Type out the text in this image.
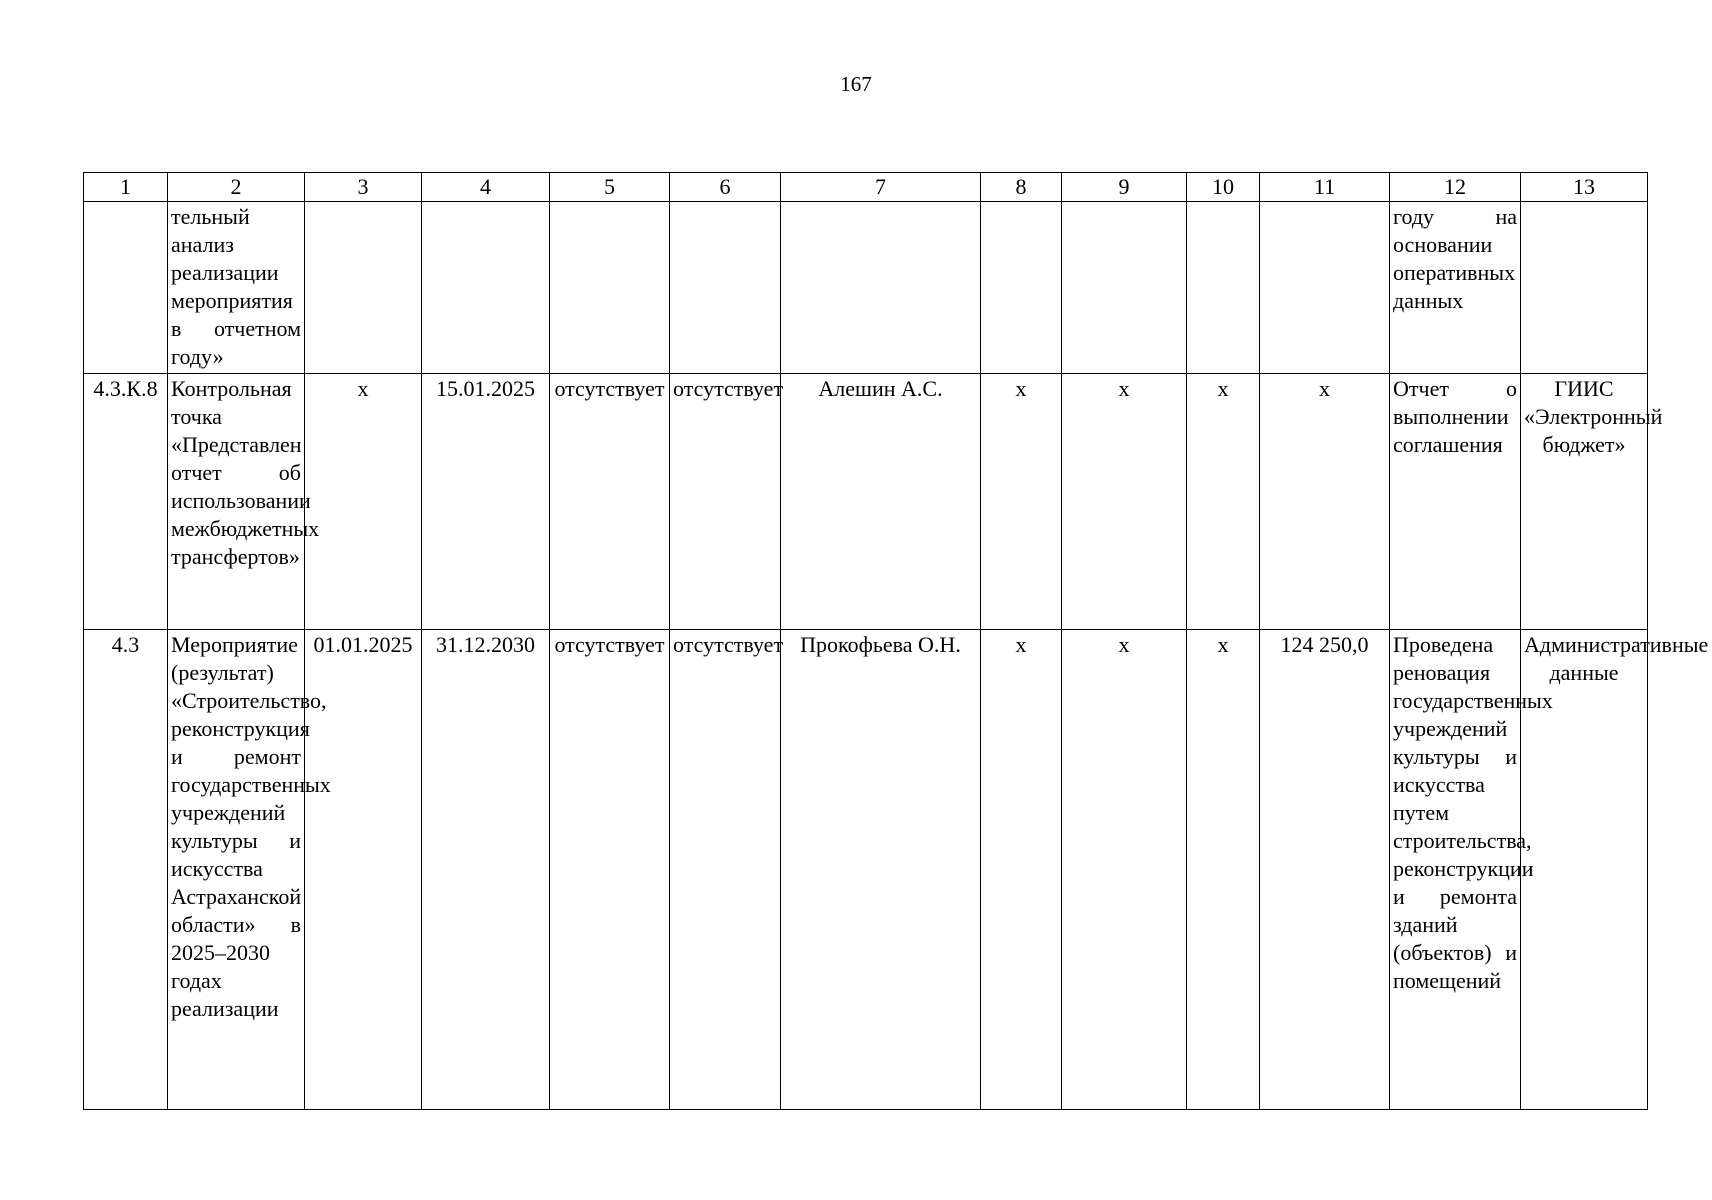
167
1	2	3	4	5	6	7	8	9	10	11	12	13
	тельный анализ реализации мероприятия в отчетном году»										году на основании оперативных данных	
4.3.К.8	Контрольная точка «Представлен отчет об использовании межбюджетных трансфертов»	x	15.01.2025	отсутствует	отсутствует	Алешин А.С.	x	x	x	x	Отчет о выполнении соглашения	ГИИС «Электронный бюджет»
4.3	Мероприятие (результат) «Строительство, реконструкция и ремонт государственных учреждений культуры и искусства Астраханской области» в 2025–2030 годах реализации	01.01.2025	31.12.2030	отсутствует	отсутствует	Прокофьева О.Н.	x	x	x	124 250,0	Проведена реновация государственных учреждений культуры и искусства путем строительства, реконструкции и ремонта зданий (объектов) и помещений	Административные данные
